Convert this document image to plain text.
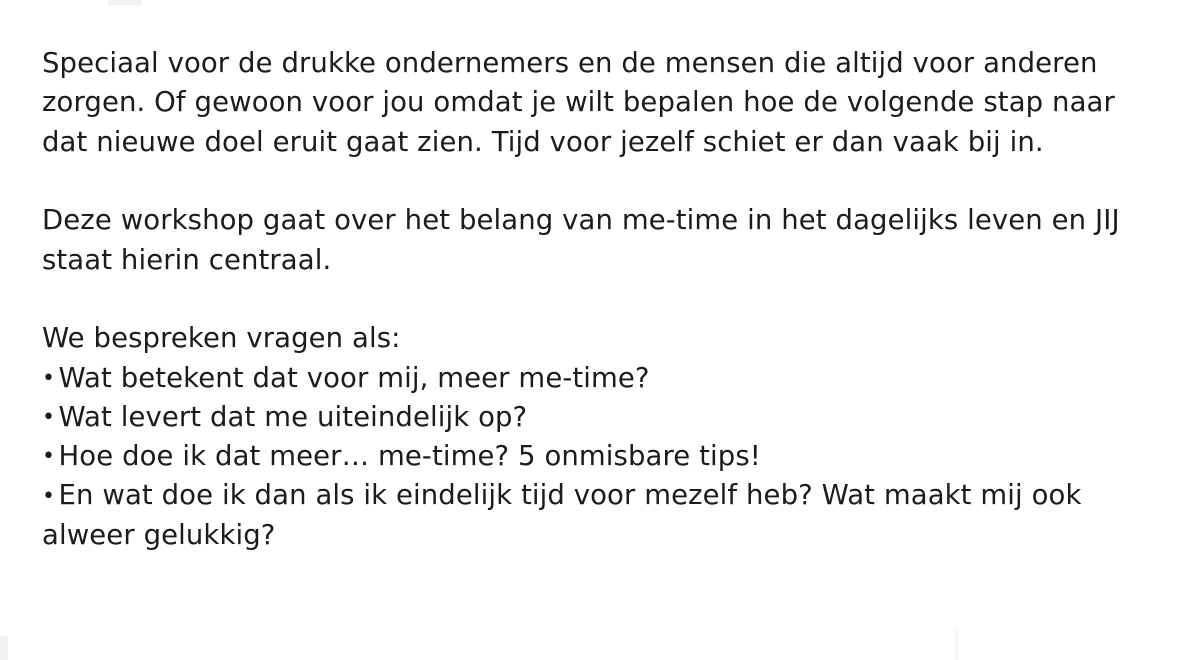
Speciaal voor de drukke ondernemers en de mensen die altijd voor anderen zorgen. Of gewoon voor jou omdat je wilt bepalen hoe de volgende stap naar dat nieuwe doel eruit gaat zien. Tijd voor jezelf schiet er dan vaak bij in.

Deze workshop gaat over het belang van me-time in het dagelijks leven en JIJ staat hierin centraal.

We bespreken vragen als:

• Wat betekent dat voor mij, meer me-time?
• Wat levert dat me uiteindelijk op?
• Hoe doe ik dat meer… me-time? 5 onmisbare tips!
• En wat doe ik dan als ik eindelijk tijd voor mezelf heb? Wat maakt mij ook alweer gelukkig?
